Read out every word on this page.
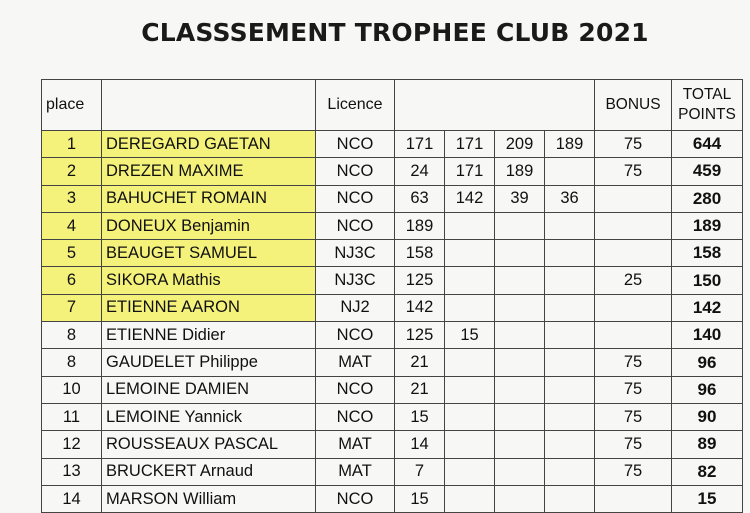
CLASSSEMENT TROPHEE CLUB 2021
place		Licence					BONUS	TOTAL POINTS
1	DEREGARD GAETAN	NCO	171	171	209	189	75	644
2	DREZEN MAXIME	NCO	24	171	189		75	459
3	BAHUCHET ROMAIN	NCO	63	142	39	36		280
4	DONEUX Benjamin	NCO	189					189
5	BEAUGET SAMUEL	NJ3C	158					158
6	SIKORA Mathis	NJ3C	125				25	150
7	ETIENNE AARON	NJ2	142					142
8	ETIENNE Didier	NCO	125	15				140
8	GAUDELET Philippe	MAT	21				75	96
10	LEMOINE DAMIEN	NCO	21				75	96
11	LEMOINE Yannick	NCO	15				75	90
12	ROUSSEAUX PASCAL	MAT	14				75	89
13	BRUCKERT Arnaud	MAT	7				75	82
14	MARSON William	NCO	15					15
